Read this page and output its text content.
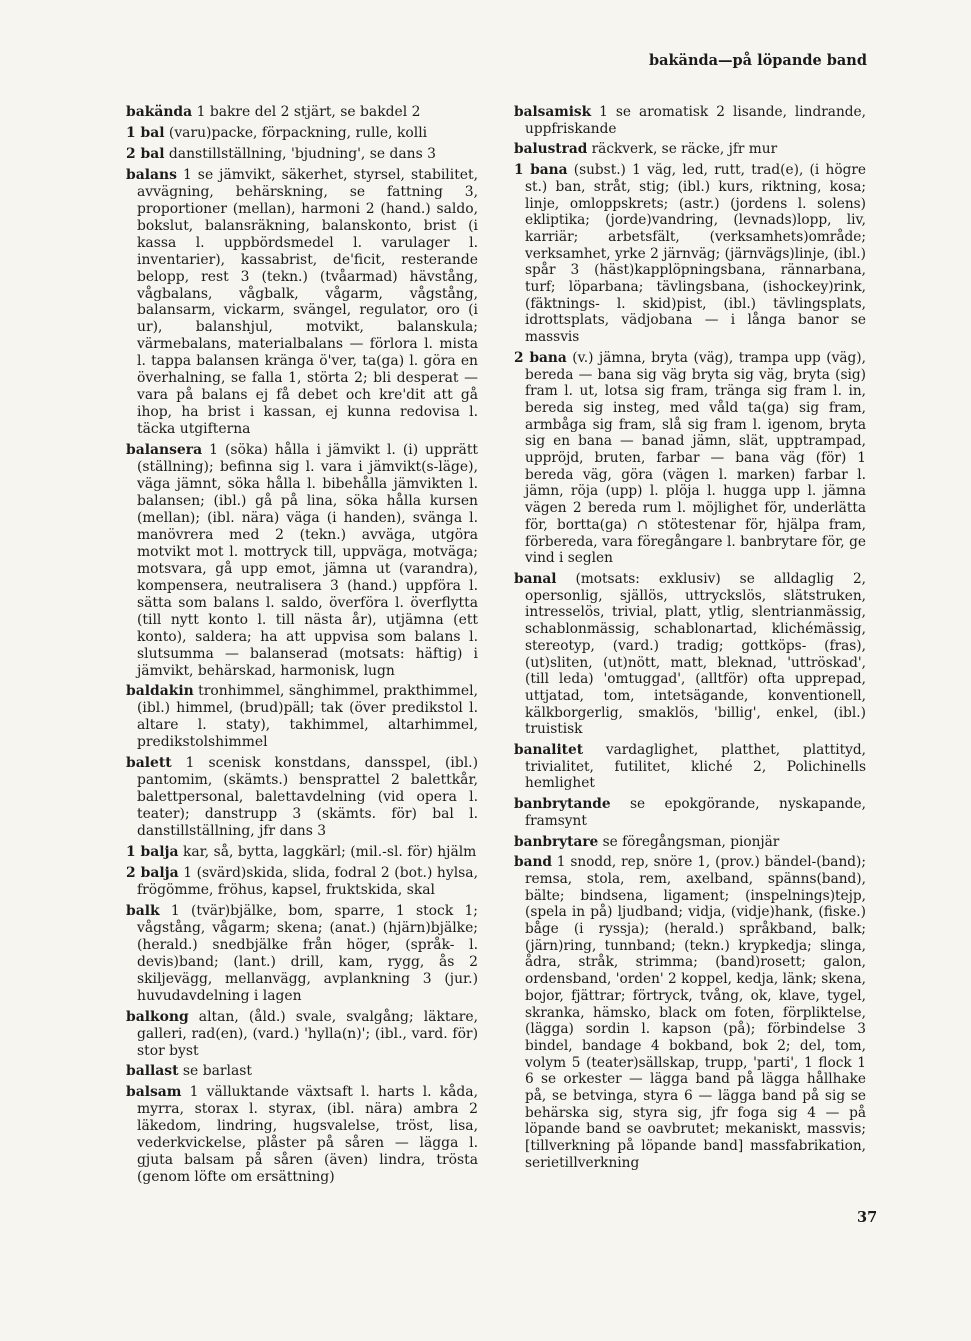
bakända—på löpande band

bakända 1 bakre del 2 stjärt, se bakdel 2

1 bal (varu)packe, förpackning, rulle, kolli

2 bal danstillställning, 'bjudning', se dans 3

balans 1 se jämvikt, säkerhet, styrsel, stabilitet, avvägning, behärskning, se fattning 3, proportioner (mellan), harmoni 2 (hand.) saldo, bokslut, balansräkning, balanskonto, brist (i kassa l. uppbördsmedel l. varulager l. inventarier), kassabrist, de'ficit, resterande belopp, rest 3 (tekn.) (tvåarmad) hävstång, vågbalans, vågbalk, vågarm, vågstång, balansarm, vickarm, svängel, regulator, oro (i ur), balanshjul, motvikt, balanskula; värmebalans, materialbalans — förlora l. mista l. tappa balansen kränga ö'ver, ta(ga) l. göra en överhalning, se falla 1, störta 2; bli desperat — vara på balans ej få debet och kre'dit att gå ihop, ha brist i kassan, ej kunna redovisa l. täcka utgifterna

balansera 1 (söka) hålla i jämvikt l. (i) upprätt (ställning); befinna sig l. vara i jämvikt(s-läge), väga jämnt, söka hålla l. bibehålla jämvikten l. balansen; (ibl.) gå på lina, söka hålla kursen (mellan); (ibl. nära) väga (i handen), svänga l. manövrera med 2 (tekn.) avväga, utgöra motvikt mot l. mottryck till, uppväga, motväga; motsvara, gå upp emot, jämna ut (varandra), kompensera, neutralisera 3 (hand.) uppföra l. sätta som balans l. saldo, överföra l. överflytta (till nytt konto l. till nästa år), utjämna (ett konto), saldera; ha att uppvisa som balans l. slutsumma — balanserad (motsats: häftig) i jämvikt, behärskad, harmonisk, lugn

baldakin tronhimmel, sänghimmel, prakthimmel, (ibl.) himmel, (brud)päll; tak (över predikstol l. altare l. staty), takhimmel, altarhimmel, predikstolshimmel

balett 1 scenisk konstdans, dansspel, (ibl.) pantomim, (skämts.) bensprattel 2 balettkår, balettpersonal, balettavdelning (vid opera l. teater); danstrupp 3 (skämts. för) bal l. danstillställning, jfr dans 3

1 balja kar, så, bytta, laggkärl; (mil.-sl. för) hjälm

2 balja 1 (svärd)skida, slida, fodral 2 (bot.) hylsa, frögömme, fröhus, kapsel, fruktskida, skal

balk 1 (tvär)bjälke, bom, sparre, 1 stock 1; vågstång, vågarm; skena; (anat.) (hjärn)bjälke; (herald.) snedbjälke från höger, (språk- l. devis)band; (lant.) drill, kam, rygg, ås 2 skiljevägg, mellanvägg, avplankning 3 (jur.) huvudavdelning i lagen

balkong altan, (åld.) svale, svalgång; läktare, galleri, rad(en), (vard.) 'hylla(n)'; (ibl., vard. för) stor byst

ballast se barlast

balsam 1 välluktande växtsaft l. harts l. kåda, myrra, storax l. styrax, (ibl. nära) ambra 2 läkedom, lindring, hugsvalelse, tröst, lisa, vederkvickelse, plåster på såren — lägga l. gjuta balsam på såren (även) lindra, trösta (genom löfte om ersättning)

balsamisk 1 se aromatisk 2 lisande, lindrande, uppfriskande

balustrad räckverk, se räcke, jfr mur

1 bana (subst.) 1 väg, led, rutt, trad(e), (i högre st.) ban, stråt, stig; (ibl.) kurs, riktning, kosa; linje, omloppskrets; (astr.) (jordens l. solens) ekliptika; (jorde)vandring, (levnads)lopp, liv, karriär; arbetsfält, (verksamhets)område; verksamhet, yrke 2 järnväg; (järnvägs)linje, (ibl.) spår 3 (häst)kapplöpningsbana, rännarbana, turf; löparbana; tävlingsbana, (ishockey)rink, (fäktnings- l. skid)pist, (ibl.) tävlingsplats, idrottsplats, vädjobana — i långa banor se massvis

2 bana (v.) jämna, bryta (väg), trampa upp (väg), bereda — bana sig väg bryta sig väg, bryta (sig) fram l. ut, lotsa sig fram, tränga sig fram l. in, bereda sig insteg, med våld ta(ga) sig fram, armbåga sig fram, slå sig fram l. igenom, bryta sig en bana — banad jämn, slät, upptrampad, uppröjd, bruten, farbar — bana väg (för) 1 bereda väg, göra (vägen l. marken) farbar l. jämn, röja (upp) l. plöja l. hugga upp l. jämna vägen 2 bereda rum l. möjlighet för, underlätta för, bortta(ga) ∩ stötestenar för, hjälpa fram, förbereda, vara föregångare l. banbrytare för, ge vind i seglen

banal (motsats: exklusiv) se alldaglig 2, opersonlig, själlös, uttryckslös, slätstruken, intresselös, trivial, platt, ytlig, slentrianmässig, schablonmässig, schablonartad, klichémässig, stereotyp, (vard.) tradig; gottköps- (fras), (ut)sliten, (ut)nött, matt, bleknad, 'uttröskad', (till leda) 'omtuggad', (alltför) ofta upprepad, uttjatad, tom, intetsägande, konventionell, kälkborgerlig, smaklös, 'billig', enkel, (ibl.) truistisk

banalitet vardaglighet, platthet, plattityd, trivialitet, futilitet, kliché 2, Polichinells hemlighet

banbrytande se epokgörande, nyskapande, framsynt

banbrytare se föregångsman, pionjär

band 1 snodd, rep, snöre 1, (prov.) bändel-(band); remsa, stola, rem, axelband, spänns(band), bälte; bindsena, ligament; (inspelnings)tejp, (spela in på) ljudband; vidja, (vidje)hank, (fiske.) båge (i ryssja); (herald.) språkband, balk; (järn)ring, tunnband; (tekn.) krypkedja; slinga, ådra, stråk, strimma; (band)rosett; galon, ordensband, 'orden' 2 koppel, kedja, länk; skena, bojor, fjättrar; förtryck, tvång, ok, klave, tygel, skranka, hämsko, black om foten, förpliktelse, (lägga) sordin l. kapson (på); förbindelse 3 bindel, bandage 4 bokband, bok 2; del, tom, volym 5 (teater)sällskap, trupp, 'parti', 1 flock 1 6 se orkester — lägga band på lägga hållhake på, se betvinga, styra 6 — lägga band på sig se behärska sig, styra sig, jfr foga sig 4 — på löpande band se oavbrutet; mekaniskt, massvis; [tillverkning på löpande band] massfabrikation, serietillverkning

37
